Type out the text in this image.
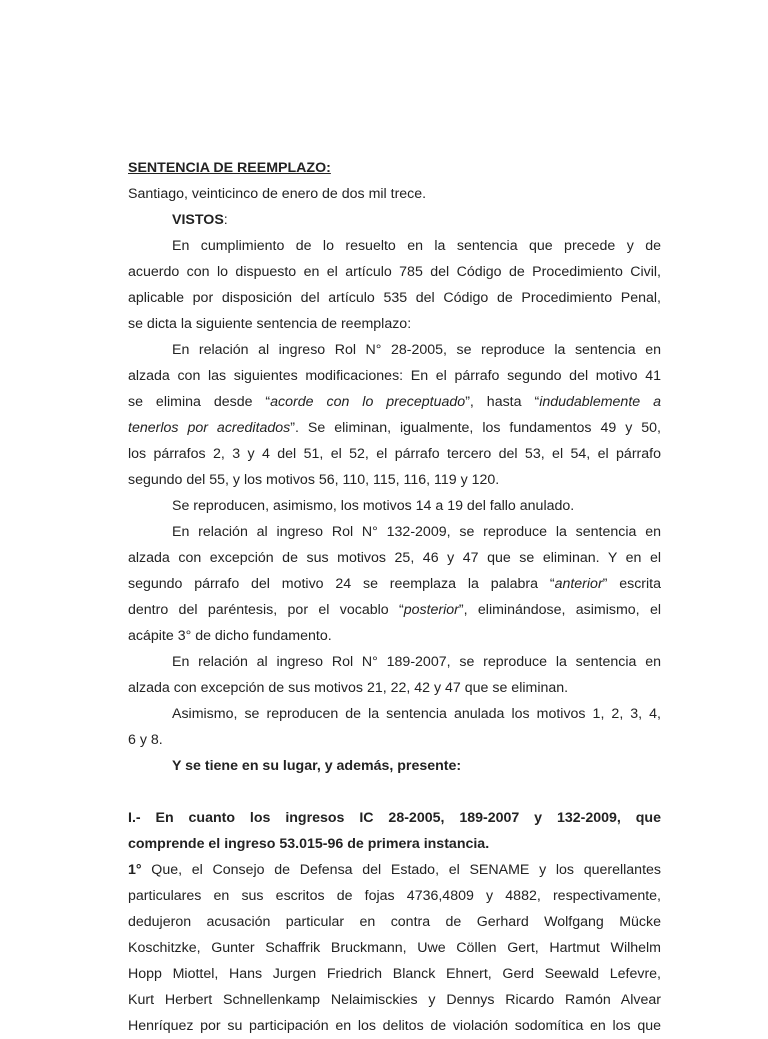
SENTENCIA DE REEMPLAZO:
Santiago, veinticinco de enero de dos mil trece.
VISTOS:
En cumplimiento de lo resuelto en la sentencia que precede y de
acuerdo con lo dispuesto en el artículo 785 del Código de Procedimiento Civil,
aplicable por disposición del artículo 535 del Código de Procedimiento Penal,
se dicta la siguiente sentencia de reemplazo:
En relación al ingreso Rol N° 28-2005, se reproduce la sentencia en
alzada con las siguientes modificaciones: En el párrafo segundo del motivo 41
se elimina desde “acorde con lo preceptuado”, hasta “indudablemente a
tenerlos por acreditados”. Se eliminan, igualmente, los fundamentos 49 y 50,
los párrafos 2, 3 y 4 del 51, el 52, el párrafo tercero del 53, el 54, el párrafo
segundo del 55, y los motivos 56, 110, 115, 116, 119 y 120.
Se reproducen, asimismo, los motivos 14 a 19 del fallo anulado.
En relación al ingreso Rol N° 132-2009, se reproduce la sentencia en
alzada con excepción de sus motivos 25, 46 y 47 que se eliminan. Y en el
segundo párrafo del motivo 24 se reemplaza la palabra “anterior” escrita
dentro del paréntesis, por el vocablo “posterior”, eliminándose, asimismo, el
acápite 3° de dicho fundamento.
En relación al ingreso Rol N° 189-2007, se reproduce la sentencia en
alzada con excepción de sus motivos 21, 22, 42 y 47 que se eliminan.
Asimismo, se reproducen de la sentencia anulada los motivos 1, 2, 3, 4,
6 y 8.
Y se tiene en su lugar, y además, presente:
I.- En cuanto los ingresos IC 28-2005, 189-2007 y 132-2009, que
comprende el ingreso 53.015-96 de primera instancia.
1° Que, el Consejo de Defensa del Estado, el SENAME y los querellantes
particulares en sus escritos de fojas 4736,4809 y 4882, respectivamente,
dedujeron acusación particular en contra de Gerhard Wolfgang Mücke
Koschitzke, Gunter Schaffrik Bruckmann, Uwe Cöllen Gert, Hartmut Wilhelm
Hopp Miottel, Hans Jurgen Friedrich Blanck Ehnert, Gerd Seewald Lefevre,
Kurt Herbert Schnellenkamp Nelaimisckies y Dennys Ricardo Ramón Alvear
Henríquez por su participación en los delitos de violación sodomítica en los que
